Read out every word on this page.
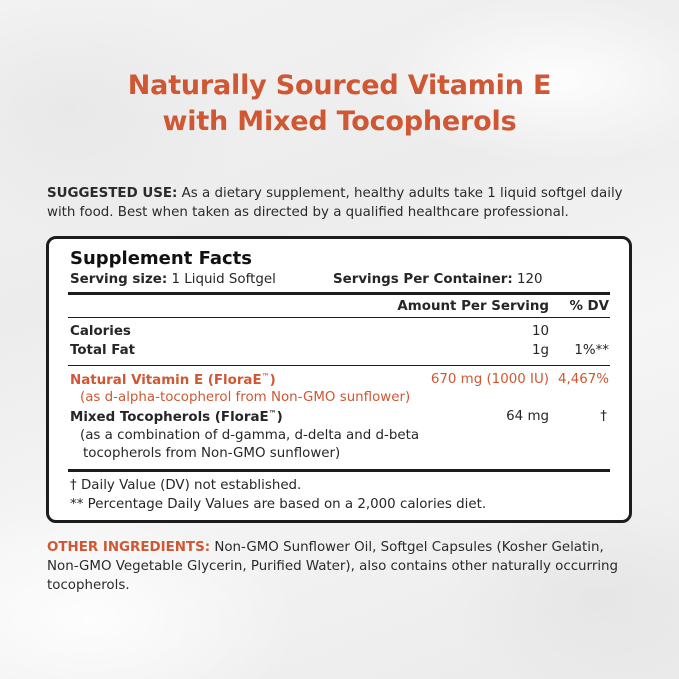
Naturally Sourced Vitamin E
with Mixed Tocopherols
SUGGESTED USE: As a dietary supplement, healthy adults take 1 liquid softgel daily with food. Best when taken as directed by a qualified healthcare professional.
Supplement Facts
Serving size: 1 Liquid Softgel	Servings Per Container: 120
Amount Per Serving % DV
Calories	10
Total Fat	1g 1%**
Natural Vitamin E (FloraE™)	670 mg (1000 IU) 4,467%
(as d-alpha-tocopherol from Non-GMO sunflower)
Mixed Tocopherols (FloraE™)	64 mg	†
(as a combination of d-gamma, d-delta and d-beta
tocopherols from Non-GMO sunflower)
† Daily Value (DV) not established.
** Percentage Daily Values are based on a 2,000 calories diet.
OTHER INGREDIENTS: Non-GMO Sunflower Oil, Softgel Capsules (Kosher Gelatin, Non-GMO Vegetable Glycerin, Purified Water), also contains other naturally occurring tocopherols.
